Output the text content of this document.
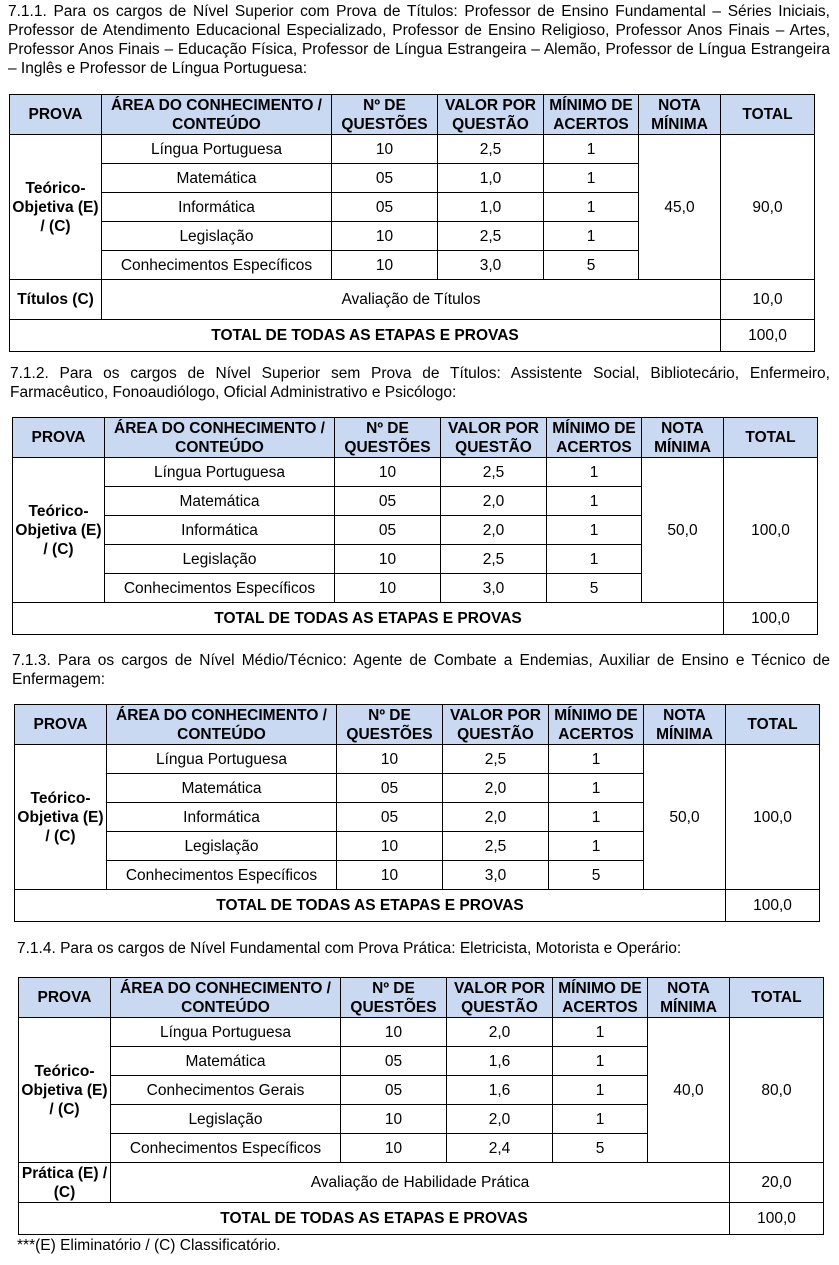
7.1.1. Para os cargos de Nível Superior com Prova de Títulos: Professor de Ensino Fundamental – Séries Iniciais, Professor de Atendimento Educacional Especializado, Professor de Ensino Religioso, Professor Anos Finais – Artes, Professor Anos Finais – Educação Física, Professor de Língua Estrangeira – Alemão, Professor de Língua Estrangeira – Inglês e Professor de Língua Portuguesa:
PROVA	ÁREA DO CONHECIMENTO / CONTEÚDO	Nº DE QUESTÕES	VALOR POR QUESTÃO	MÍNIMO DE ACERTOS	NOTA MÍNIMA	TOTAL
Teórico-Objetiva (E) / (C)	Língua Portuguesa	10	2,5	1	45,0	90,0
	Matemática	05	1,0	1		
	Informática	05	1,0	1		
	Legislação	10	2,5	1		
	Conhecimentos Específicos	10	3,0	5		
Títulos (C)	Avaliação de Títulos					10,0
TOTAL DE TODAS AS ETAPAS E PROVAS						100,0
7.1.2. Para os cargos de Nível Superior sem Prova de Títulos: Assistente Social, Bibliotecário, Enfermeiro, Farmacêutico, Fonoaudiólogo, Oficial Administrativo e Psicólogo:
PROVA	ÁREA DO CONHECIMENTO / CONTEÚDO	Nº DE QUESTÕES	VALOR POR QUESTÃO	MÍNIMO DE ACERTOS	NOTA MÍNIMA	TOTAL
Teórico-Objetiva (E) / (C)	Língua Portuguesa	10	2,5	1	50,0	100,0
	Matemática	05	2,0	1		
	Informática	05	2,0	1		
	Legislação	10	2,5	1		
	Conhecimentos Específicos	10	3,0	5		
TOTAL DE TODAS AS ETAPAS E PROVAS						100,0
7.1.3. Para os cargos de Nível Médio/Técnico: Agente de Combate a Endemias, Auxiliar de Ensino e Técnico de Enfermagem:
PROVA	ÁREA DO CONHECIMENTO / CONTEÚDO	Nº DE QUESTÕES	VALOR POR QUESTÃO	MÍNIMO DE ACERTOS	NOTA MÍNIMA	TOTAL
Teórico-Objetiva (E) / (C)	Língua Portuguesa	10	2,5	1	50,0	100,0
	Matemática	05	2,0	1		
	Informática	05	2,0	1		
	Legislação	10	2,5	1		
	Conhecimentos Específicos	10	3,0	5		
TOTAL DE TODAS AS ETAPAS E PROVAS						100,0
7.1.4. Para os cargos de Nível Fundamental com Prova Prática: Eletricista, Motorista e Operário:
PROVA	ÁREA DO CONHECIMENTO / CONTEÚDO	Nº DE QUESTÕES	VALOR POR QUESTÃO	MÍNIMO DE ACERTOS	NOTA MÍNIMA	TOTAL
Teórico-Objetiva (E) / (C)	Língua Portuguesa	10	2,0	1	40,0	80,0
	Matemática	05	1,6	1		
	Conhecimentos Gerais	05	1,6	1		
	Legislação	10	2,0	1		
	Conhecimentos Específicos	10	2,4	5		
Prática (E) / (C)	Avaliação de Habilidade Prática					20,0
TOTAL DE TODAS AS ETAPAS E PROVAS						100,0
***(E) Eliminatório / (C) Classificatório.
